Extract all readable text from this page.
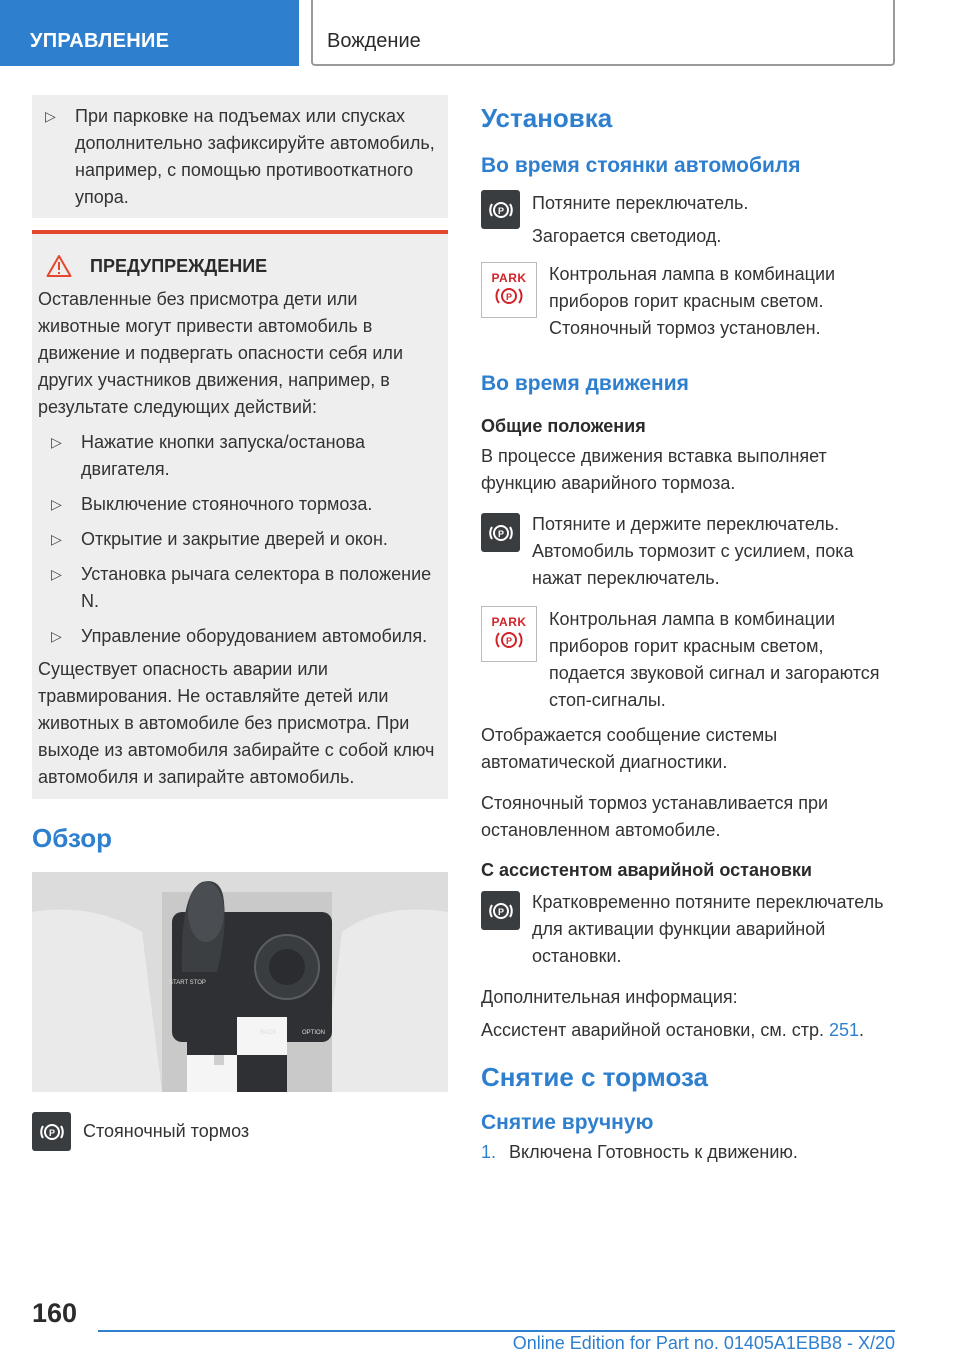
УПРАВЛЕНИЕ	Вождение
▷ При парковке на подъемах или спусках дополнительно зафиксируйте автомобиль, например, с помощью противооткатного упора.
ПРЕДУПРЕЖДЕНИЕ

Оставленные без присмотра дети или животные могут привести автомобиль в движение и подвергать опасности себя или других участников движения, например, в результате следующих действий:

▷ Нажатие кнопки запуска/останова двигателя.
▷ Выключение стояночного тормоза.
▷ Открытие и закрытие дверей и окон.
▷ Установка рычага селектора в положение N.
▷ Управление оборудованием автомобиля.

Существует опасность аварии или травмирования. Не оставляйте детей или животных в автомобиле без присмотра. При выходе из автомобиля забирайте с собой ключ автомобиля и запирайте автомобиль.

Обзор
START STOP
BACK	OPTION
P Стояночный тормоз
Установка
Во время стоянки автомобиля
P Потяните переключатель.

Загорается светодиод.

PARK
P

Контрольная лампа в комбинации приборов горит красным светом. Стояночный тормоз установлен.

Во время движения
Общие положения

В процессе движения вставка выполняет функцию аварийного тормоза.

P Потяните и держите переключатель. Автомобиль тормозит с усилием, пока нажат переключатель.

PARK
P

Контрольная лампа в комбинации приборов горит красным светом, подается звуковой сигнал и загораются стоп-сигналы.

Отображается сообщение системы автоматической диагностики.

Стояночный тормоз устанавливается при остановленном автомобиле.

С ассистентом аварийной остановки
P Кратковременно потяните переключатель для активации функции аварийной остановки.

Дополнительная информация:

Ассистент аварийной остановки, см. стр. 251.

Снятие с тормоза
Снятие вручную

1. Включена Готовность к движению.

160
Online Edition for Part no. 01405A1EBB8 - X/20
